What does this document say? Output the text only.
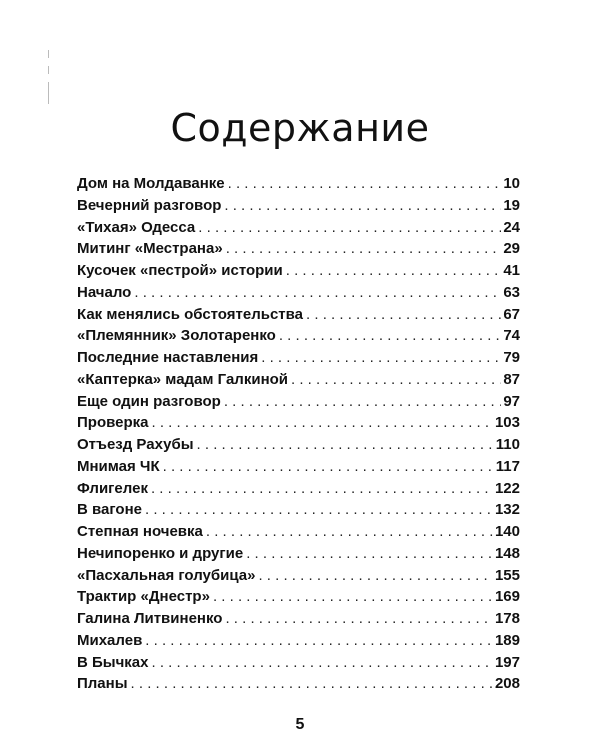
Содержание
Дом на Молдаванке . . .	10
Вечерний разговор . . .	19
«Тихая» Одесса . . .	24
Митинг «Местрана» . . .	29
Кусочек «пестрой» истории . . .	41
Начало . . .	63
Как менялись обстоятельства . . .	67
«Племянник» Золотаренко . . .	74
Последние наставления . . .	79
«Каптерка» мадам Галкиной . . .	87
Еще один разговор . . .	97
Проверка . . .	103
Отъезд Рахубы . . .	110
Мнимая ЧК . . .	117
Флигелек . . .	122
В вагоне . . .	132
Степная ночевка . . .	140
Нечипоренко и другие . . .	148
«Пасхальная голубица» . . .	155
Трактир «Днестр» . . .	169
Галина Литвиненко . . .	178
Михалев . . .	189
В Бычках . . .	197
Планы . . .	208
5
